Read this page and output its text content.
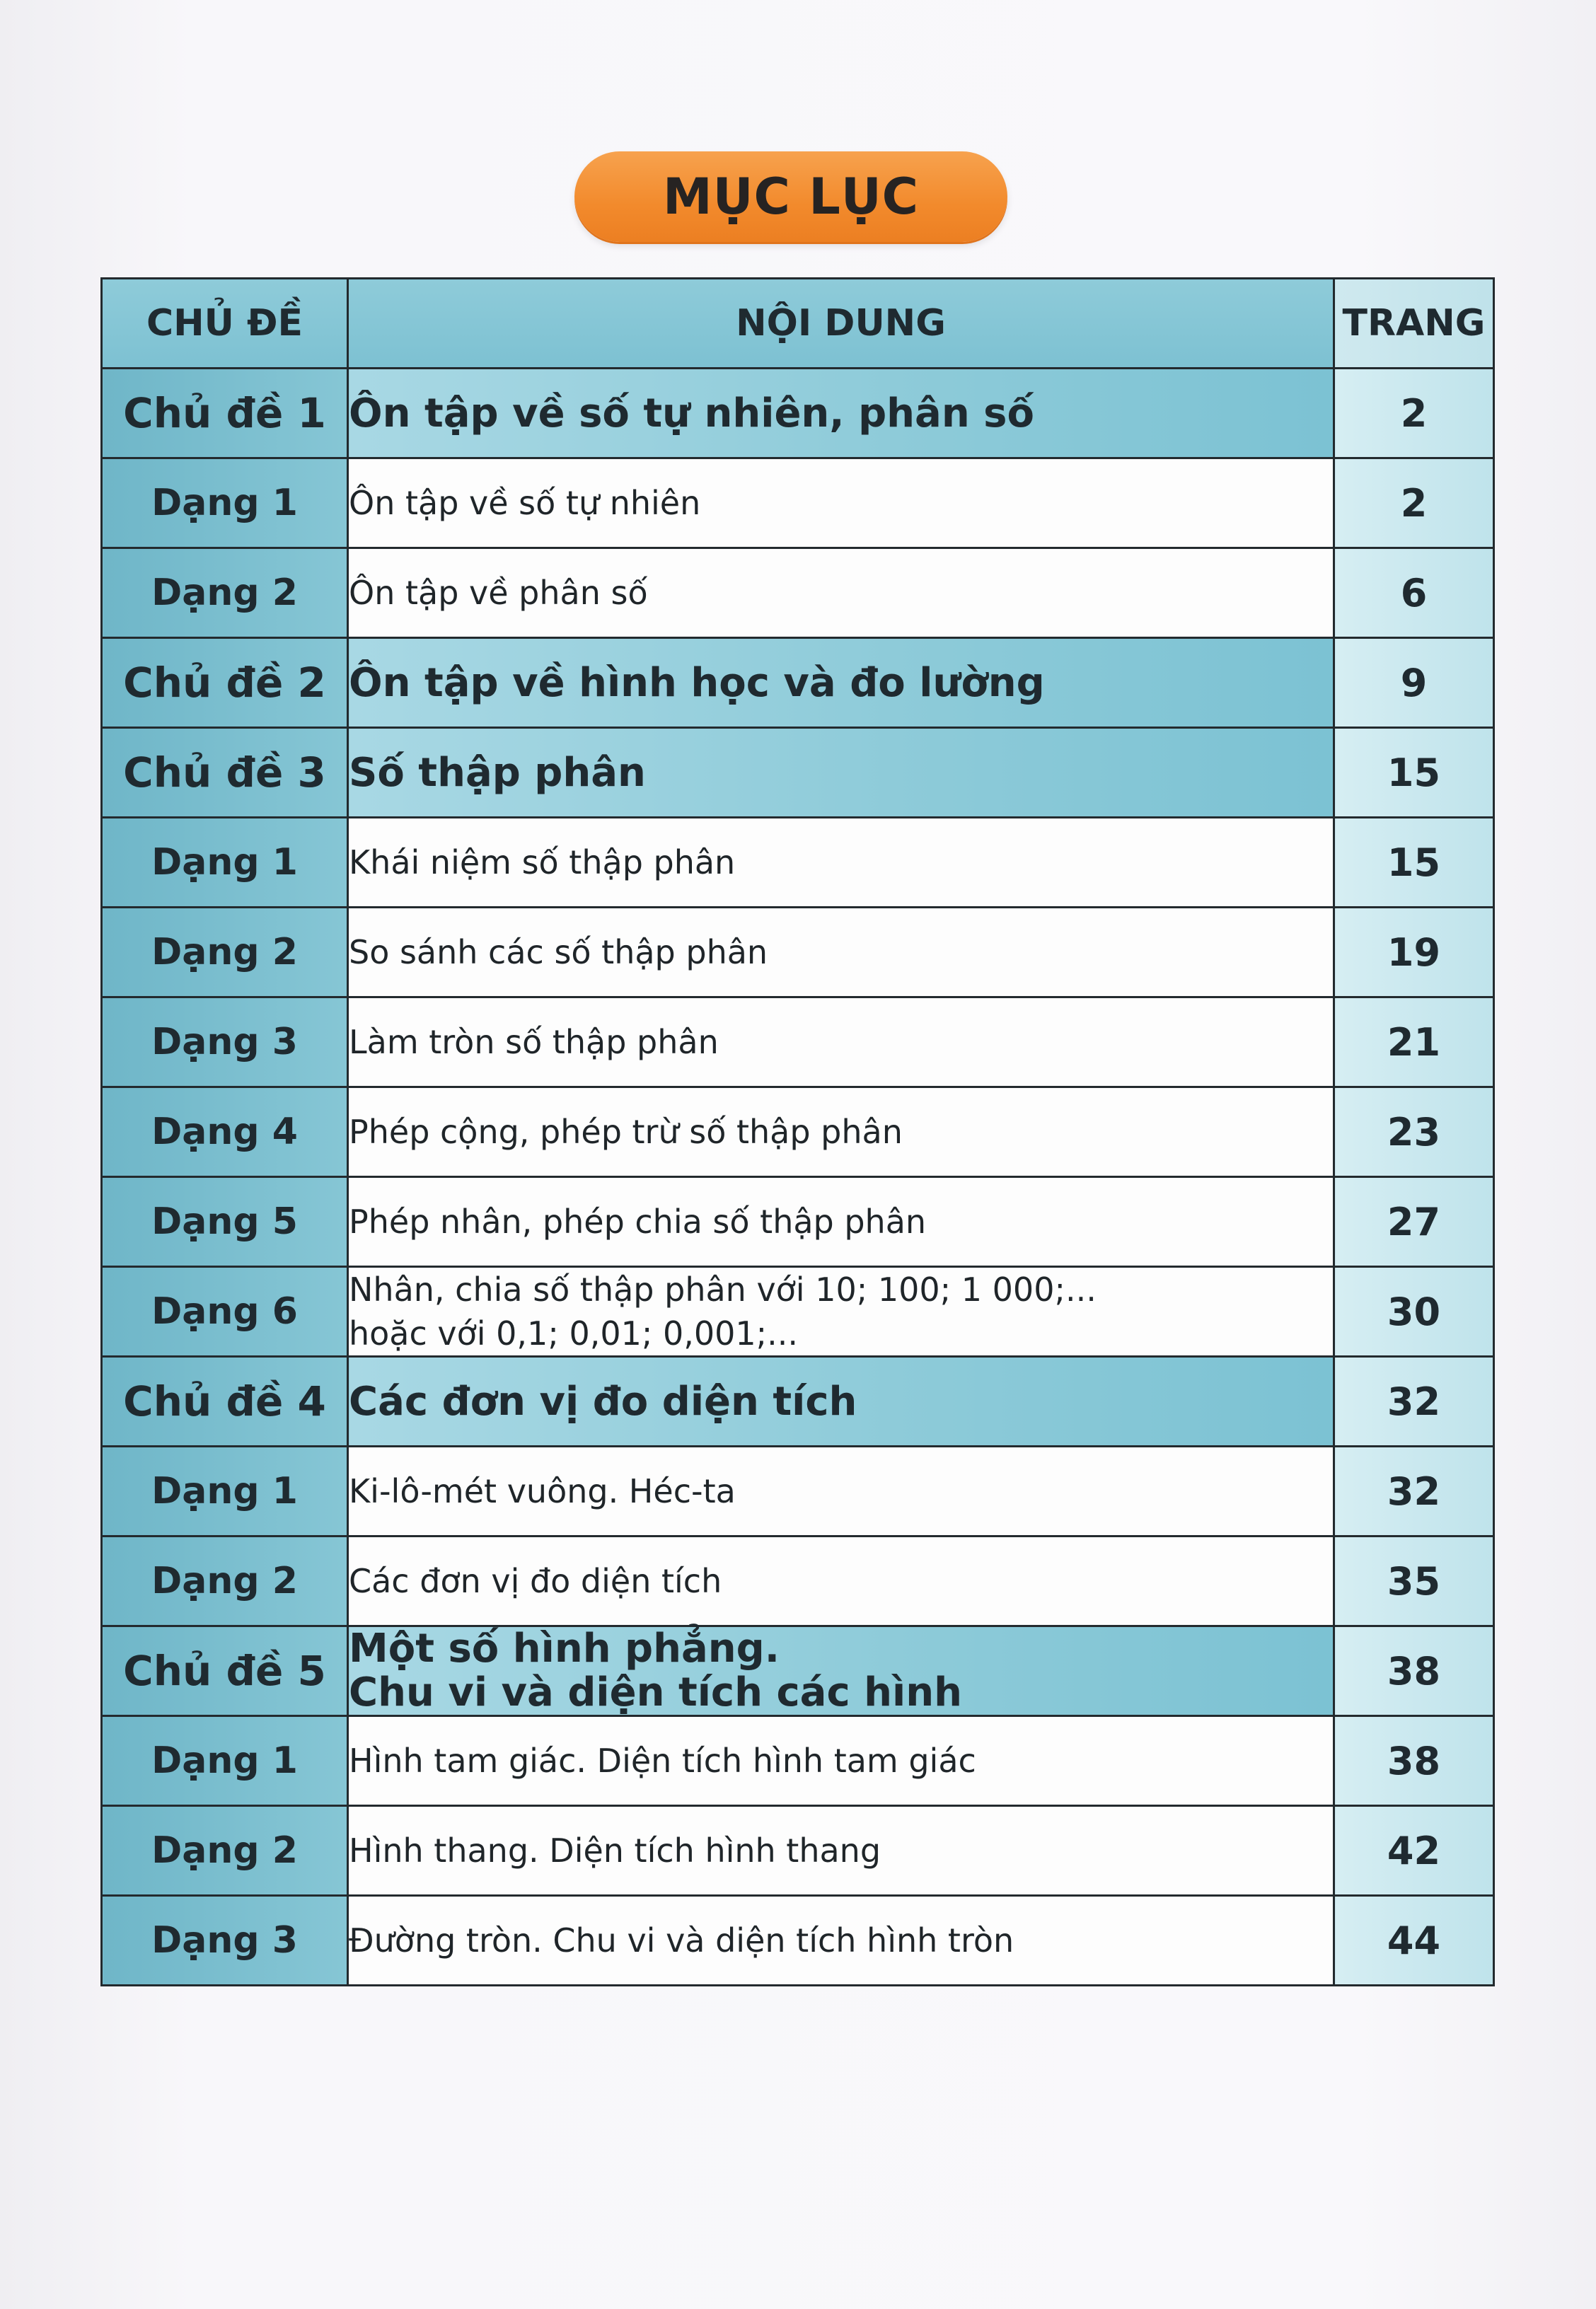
MỤC LỤC
CHỦ ĐỀ	NỘI DUNG	TRANG
Chủ đề 1	Ôn tập về số tự nhiên, phân số	2
Dạng 1	Ôn tập về số tự nhiên	2
Dạng 2	Ôn tập về phân số	6
Chủ đề 2	Ôn tập về hình học và đo lường	9
Chủ đề 3	Số thập phân	15
Dạng 1	Khái niệm số thập phân	15
Dạng 2	So sánh các số thập phân	19
Dạng 3	Làm tròn số thập phân	21
Dạng 4	Phép cộng, phép trừ số thập phân	23
Dạng 5	Phép nhân, phép chia số thập phân	27
Dạng 6	Nhân, chia số thập phân với 10; 100; 1 000;...
hoặc với 0,1; 0,01; 0,001;...	30
Chủ đề 4	Các đơn vị đo diện tích	32
Dạng 1	Ki-lô-mét vuông. Héc-ta	32
Dạng 2	Các đơn vị đo diện tích	35
Chủ đề 5	Một số hình phẳng.
Chu vi và diện tích các hình	38
Dạng 1	Hình tam giác. Diện tích hình tam giác	38
Dạng 2	Hình thang. Diện tích hình thang	42
Dạng 3	Đường tròn. Chu vi và diện tích hình tròn	44
